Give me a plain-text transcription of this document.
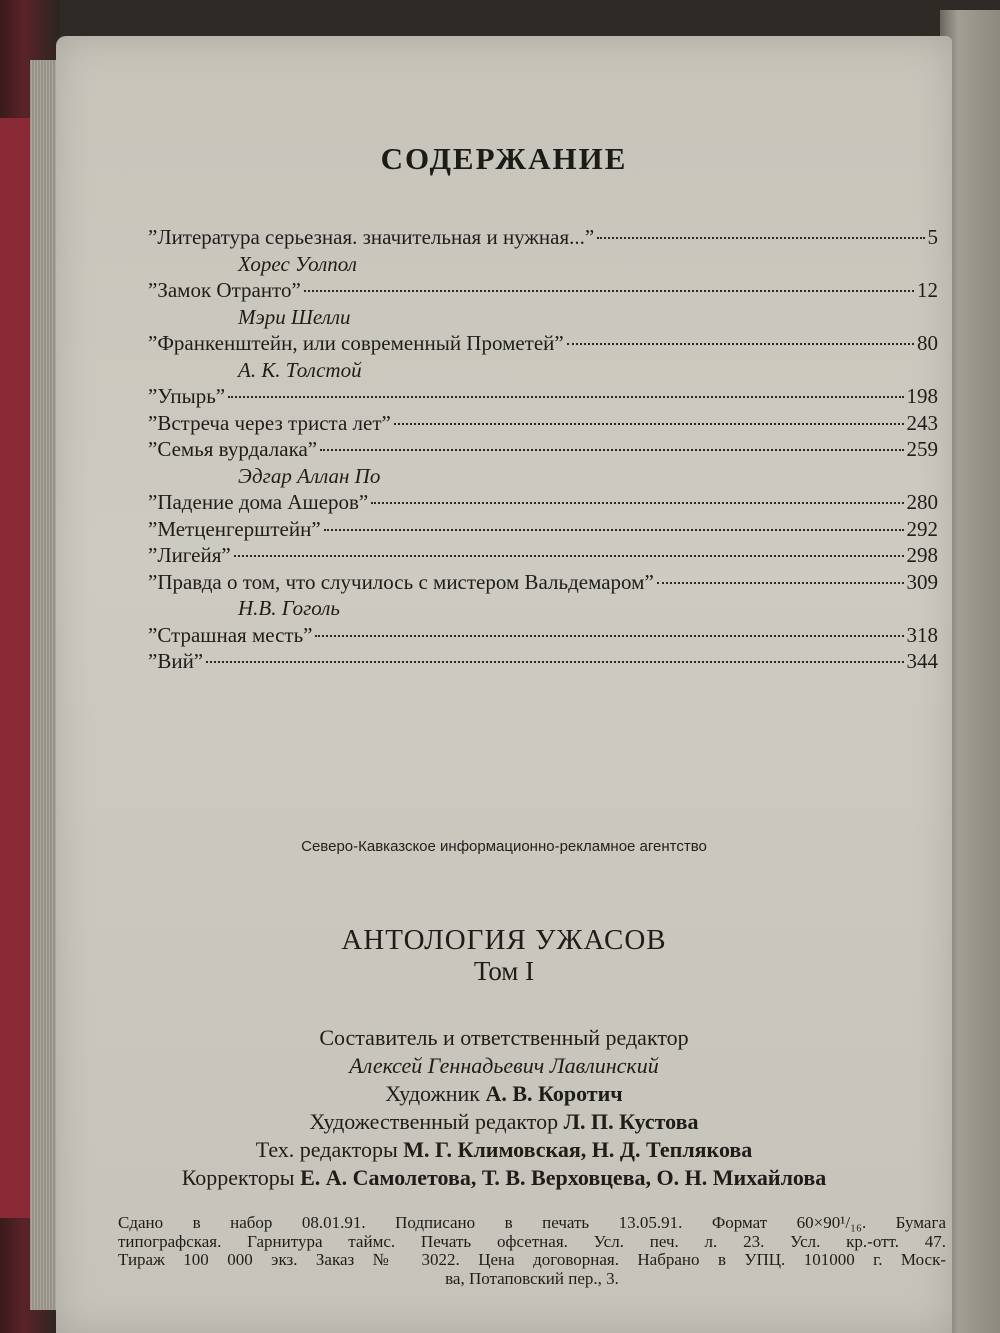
СОДЕРЖАНИЕ
”Литература серьезная. значительная и нужная...”	5
Хорес Уолпол
”Замок Отранто”	12
Мэри Шелли
”Франкенштейн, или современный Прометей”	80
А. К. Толстой
”Упырь”	198
”Встреча через триста лет”	243
”Семья вурдалака”	259
Эдгар Аллан По
”Падение дома Ашеров”	280
”Метценгерштейн”	292
”Лигейя”	298
”Правда о том, что случилось с мистером Вальдемаром”	309
Н.В. Гоголь
”Страшная месть”	318
”Вий”	344
Северо-Кавказское информационно-рекламное агентство
АНТОЛОГИЯ УЖАСОВ
Том I
Составитель и ответственный редактор
Алексей Геннадьевич Лавлинский
Художник А. В. Коротич
Художественный редактор Л. П. Кустова
Тех. редакторы М. Г. Климовская, Н. Д. Теплякова
Корректоры Е. А. Самолетова, Т. В. Верховцева, О. Н. Михайлова
Сдано в набор 08.01.91. Подписано в печать 13.05.91. Формат 60×90¹/₁₆. Бумага
типографская. Гарнитура таймс. Печать офсетная. Усл. печ. л. 23. Усл. кр.-отт. 47.
Тираж 100 000 экз. Заказ № 3022. Цена договорная. Набрано в УПЦ. 101000 г. Моск-
ва, Потаповский пер., 3.
